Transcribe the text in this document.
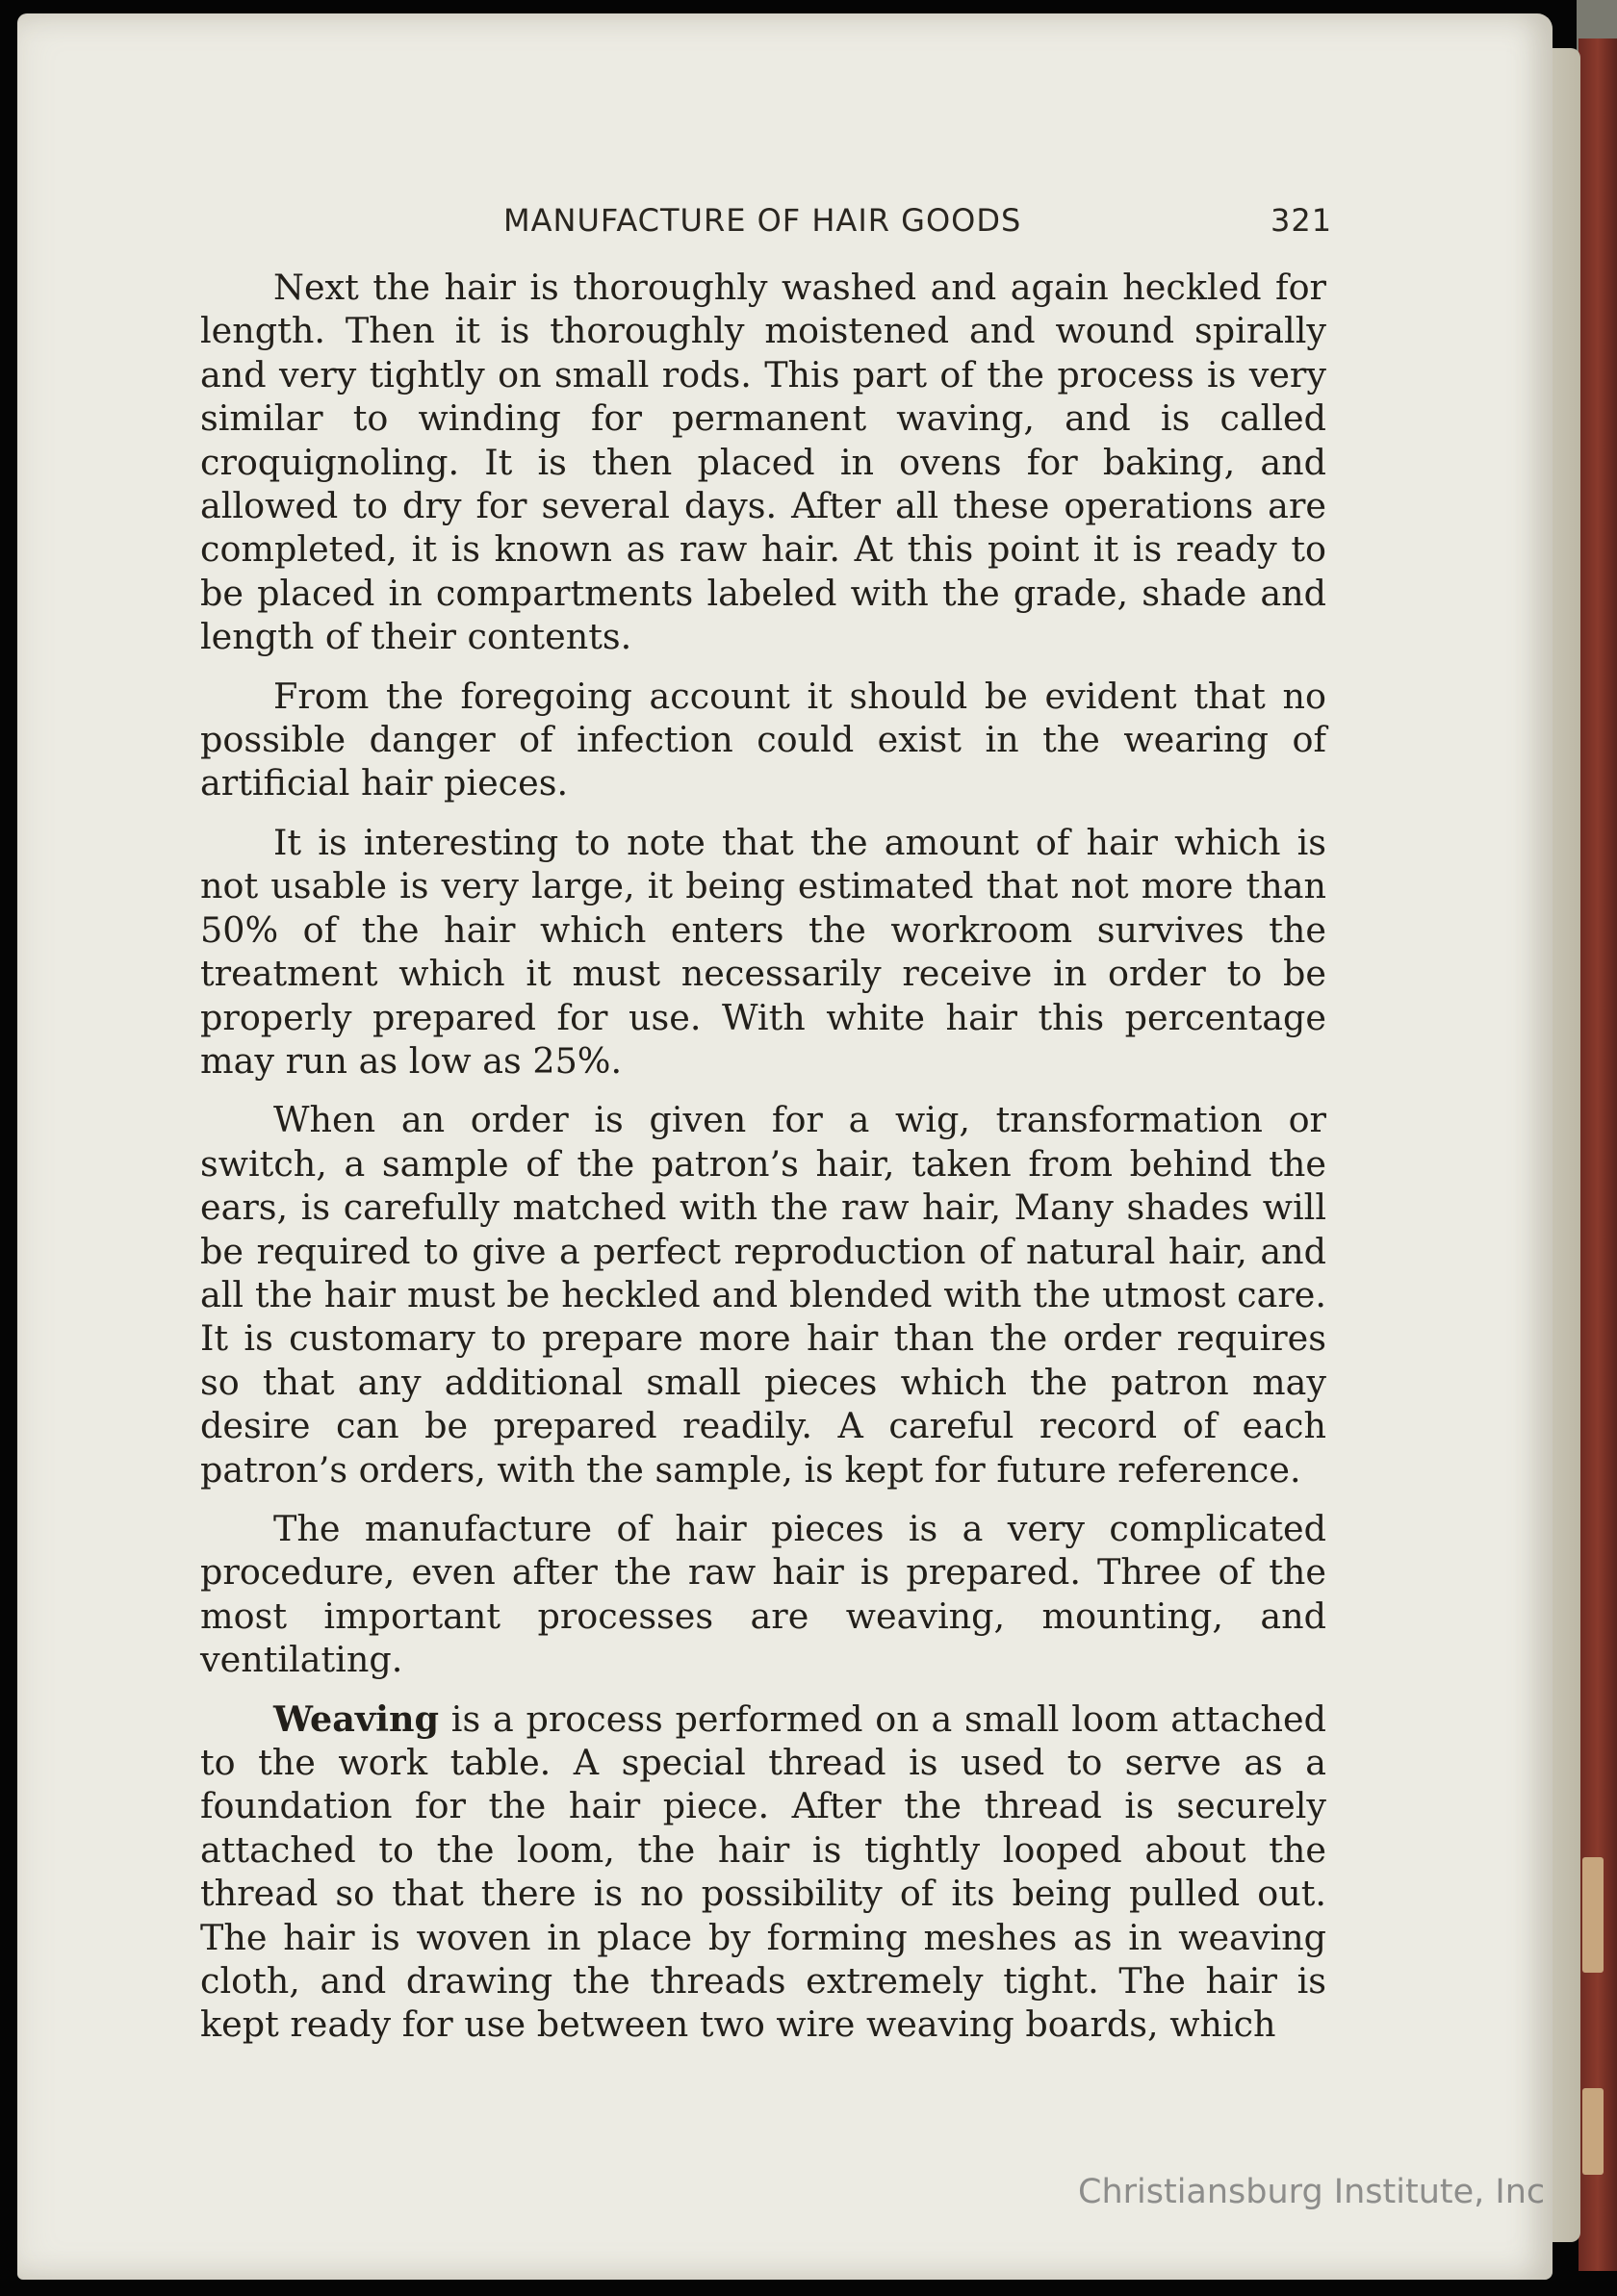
MANUFACTURE OF HAIR GOODS	321

Next the hair is thoroughly washed and again heckled for length. Then it is thoroughly moistened and wound spirally and very tightly on small rods. This part of the process is very similar to winding for permanent waving, and is called croquignoling. It is then placed in ovens for baking, and allowed to dry for several days. After all these operations are completed, it is known as raw hair. At this point it is ready to be placed in compartments labeled with the grade, shade and length of their contents.

From the foregoing account it should be evident that no possible danger of infection could exist in the wearing of artificial hair pieces.

It is interesting to note that the amount of hair which is not usable is very large, it being estimated that not more than 50% of the hair which enters the workroom survives the treatment which it must necessarily receive in order to be properly prepared for use. With white hair this percentage may run as low as 25%.

When an order is given for a wig, transformation or switch, a sample of the patron’s hair, taken from behind the ears, is carefully matched with the raw hair, Many shades will be required to give a perfect reproduction of natural hair, and all the hair must be heckled and blended with the utmost care. It is customary to prepare more hair than the order requires so that any additional small pieces which the patron may desire can be prepared readily. A careful record of each patron’s orders, with the sample, is kept for future reference.

The manufacture of hair pieces is a very complicated procedure, even after the raw hair is prepared. Three of the most important processes are weaving, mounting, and ventilating.

Weaving is a process performed on a small loom attached to the work table. A special thread is used to serve as a foundation for the hair piece. After the thread is securely attached to the loom, the hair is tightly looped about the thread so that there is no possibility of its being pulled out. The hair is woven in place by forming meshes as in weaving cloth, and drawing the threads extremely tight. The hair is kept ready for use between two wire weaving boards, which

Christiansburg Institute, Inc
